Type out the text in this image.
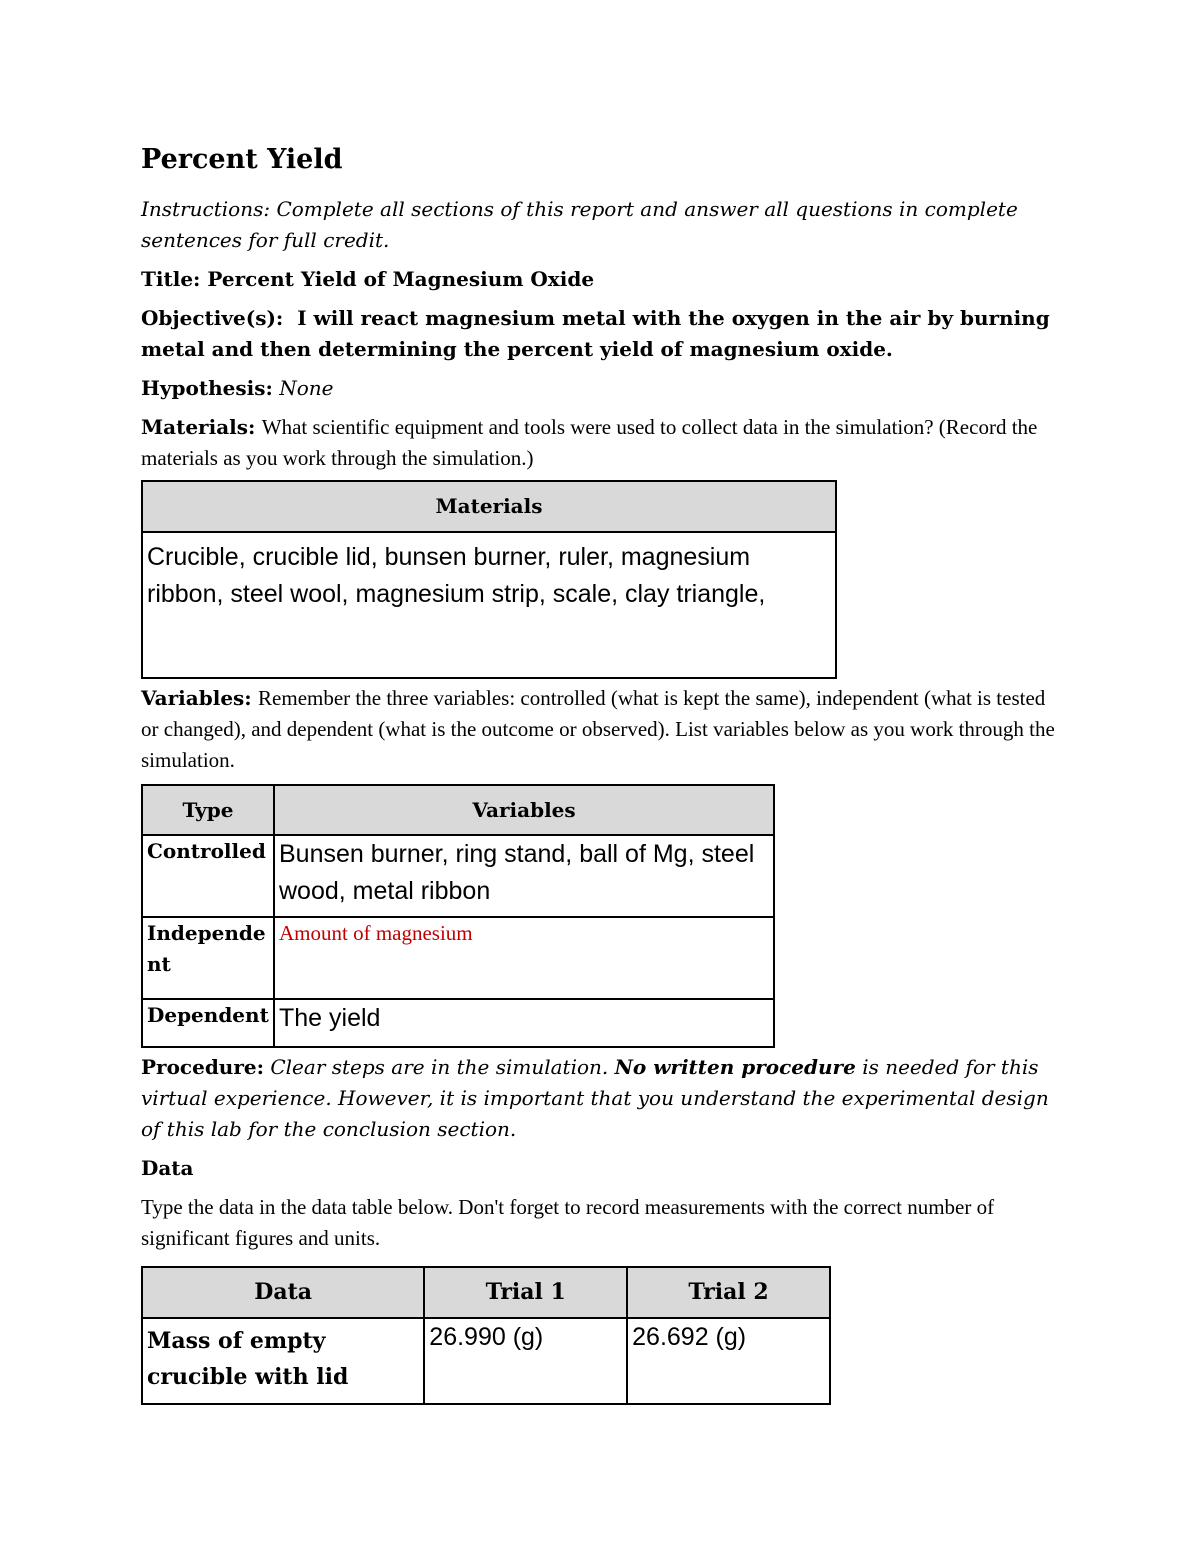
Percent Yield

Instructions: Complete all sections of this report and answer all questions in complete sentences for full credit.

Title: Percent Yield of Magnesium Oxide

Objective(s): I will react magnesium metal with the oxygen in the air by burning metal and then determining the percent yield of magnesium oxide.

Hypothesis: None

Materials: What scientific equipment and tools were used to collect data in the simulation? (Record the materials as you work through the simulation.)

Materials
Crucible, crucible lid, bunsen burner, ruler, magnesium ribbon, steel wool, magnesium strip, scale, clay triangle,

Variables: Remember the three variables: controlled (what is kept the same), independent (what is tested or changed), and dependent (what is the outcome or observed). List variables below as you work through the simulation.

Type	Variables
Controlled	Bunsen burner, ring stand, ball of Mg, steel wood, metal ribbon
Independent	Amount of magnesium
Dependent	The yield

Procedure: Clear steps are in the simulation. No written procedure is needed for this virtual experience. However, it is important that you understand the experimental design of this lab for the conclusion section.

Data

Type the data in the data table below. Don't forget to record measurements with the correct number of significant figures and units.

Data	Trial 1	Trial 2
Mass of empty crucible with lid	26.990 (g)	26.692 (g)
